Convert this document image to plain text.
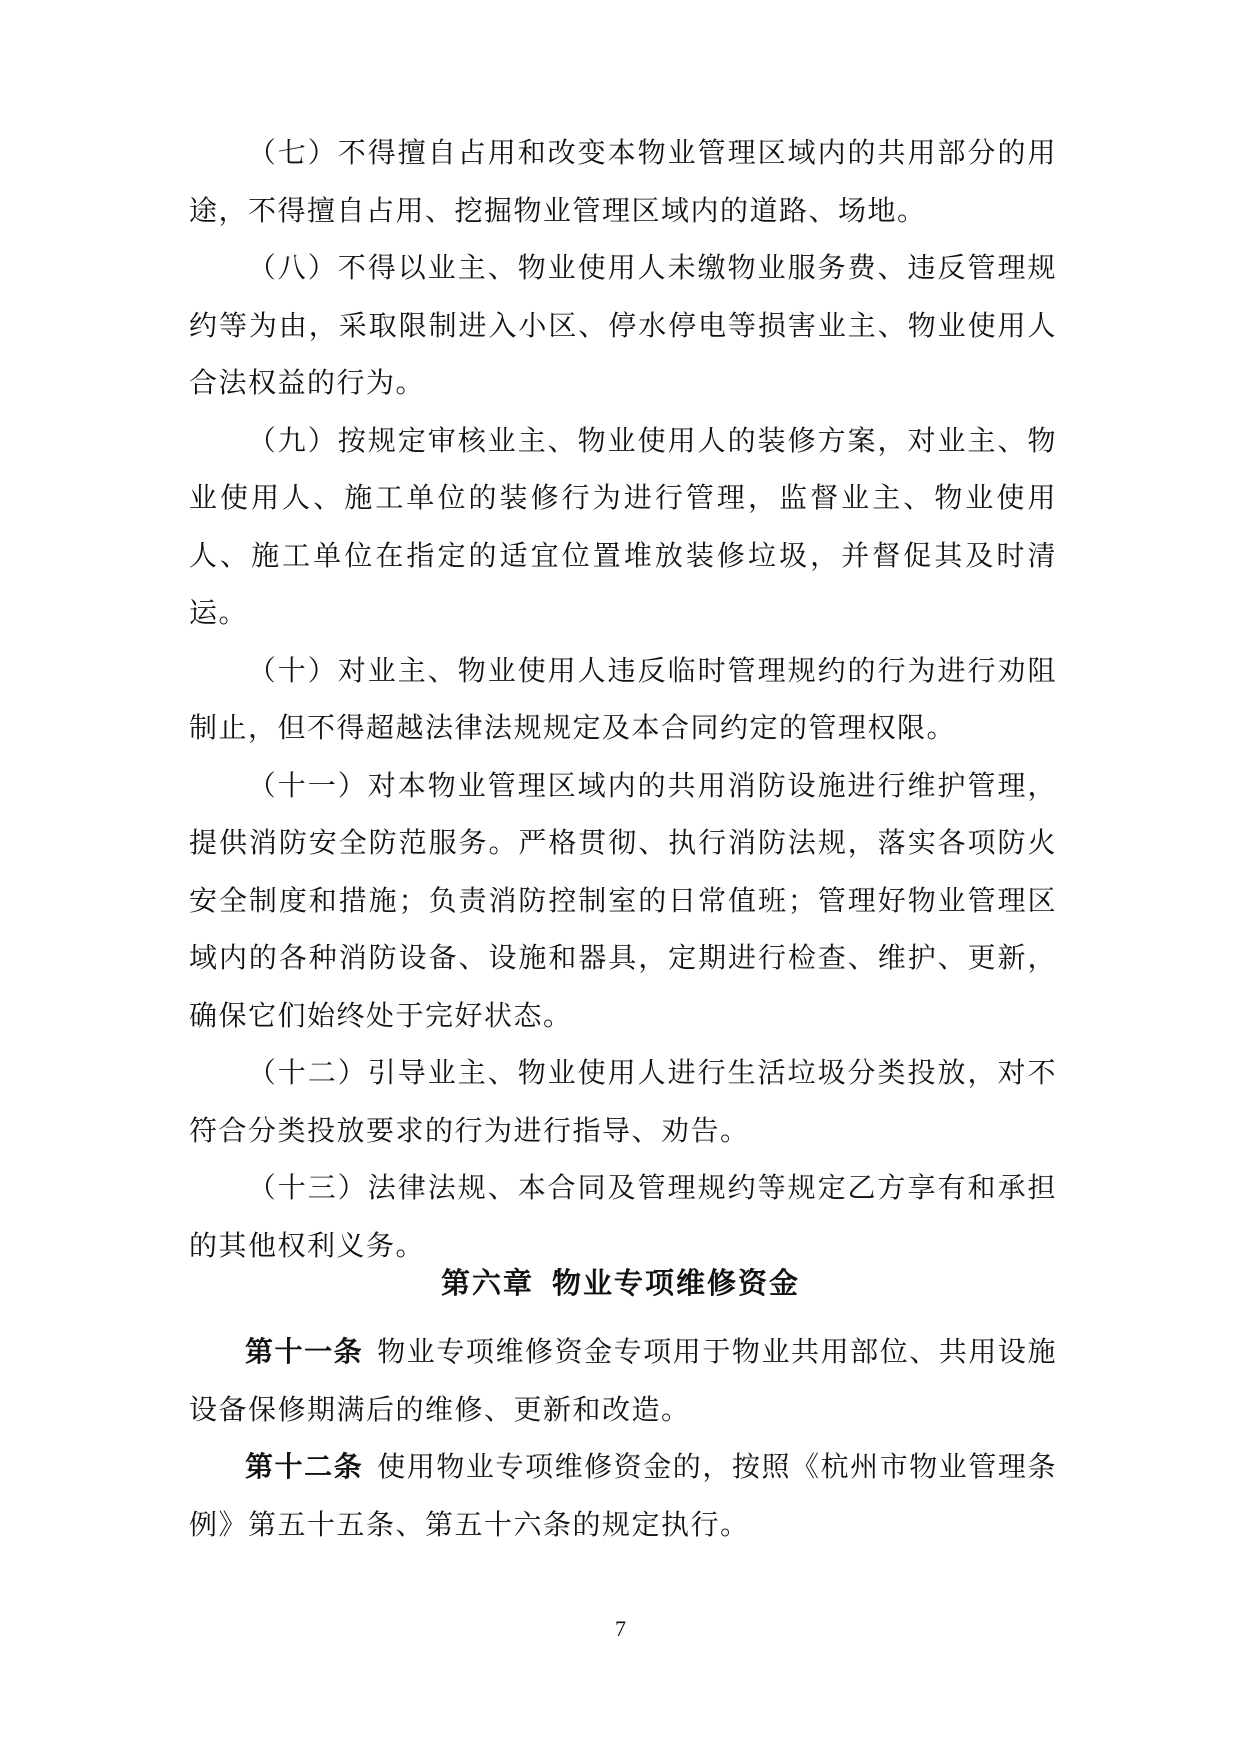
（七）不得擅自占用和改变本物业管理区域内的共用部分的用途，不得擅自占用、挖掘物业管理区域内的道路、场地。

（八）不得以业主、物业使用人未缴物业服务费、违反管理规约等为由，采取限制进入小区、停水停电等损害业主、物业使用人合法权益的行为。

（九）按规定审核业主、物业使用人的装修方案，对业主、物业使用人、施工单位的装修行为进行管理，监督业主、物业使用人、施工单位在指定的适宜位置堆放装修垃圾，并督促其及时清运。

（十）对业主、物业使用人违反临时管理规约的行为进行劝阻制止，但不得超越法律法规规定及本合同约定的管理权限。

（十一）对本物业管理区域内的共用消防设施进行维护管理，提供消防安全防范服务。严格贯彻、执行消防法规，落实各项防火安全制度和措施；负责消防控制室的日常值班；管理好物业管理区域内的各种消防设备、设施和器具，定期进行检查、维护、更新，确保它们始终处于完好状态。

（十二）引导业主、物业使用人进行生活垃圾分类投放，对不符合分类投放要求的行为进行指导、劝告。

（十三）法律法规、本合同及管理规约等规定乙方享有和承担的其他权利义务。

第六章 物业专项维修资金

第十一条 物业专项维修资金专项用于物业共用部位、共用设施设备保修期满后的维修、更新和改造。

第十二条 使用物业专项维修资金的，按照《杭州市物业管理条例》第五十五条、第五十六条的规定执行。

7
